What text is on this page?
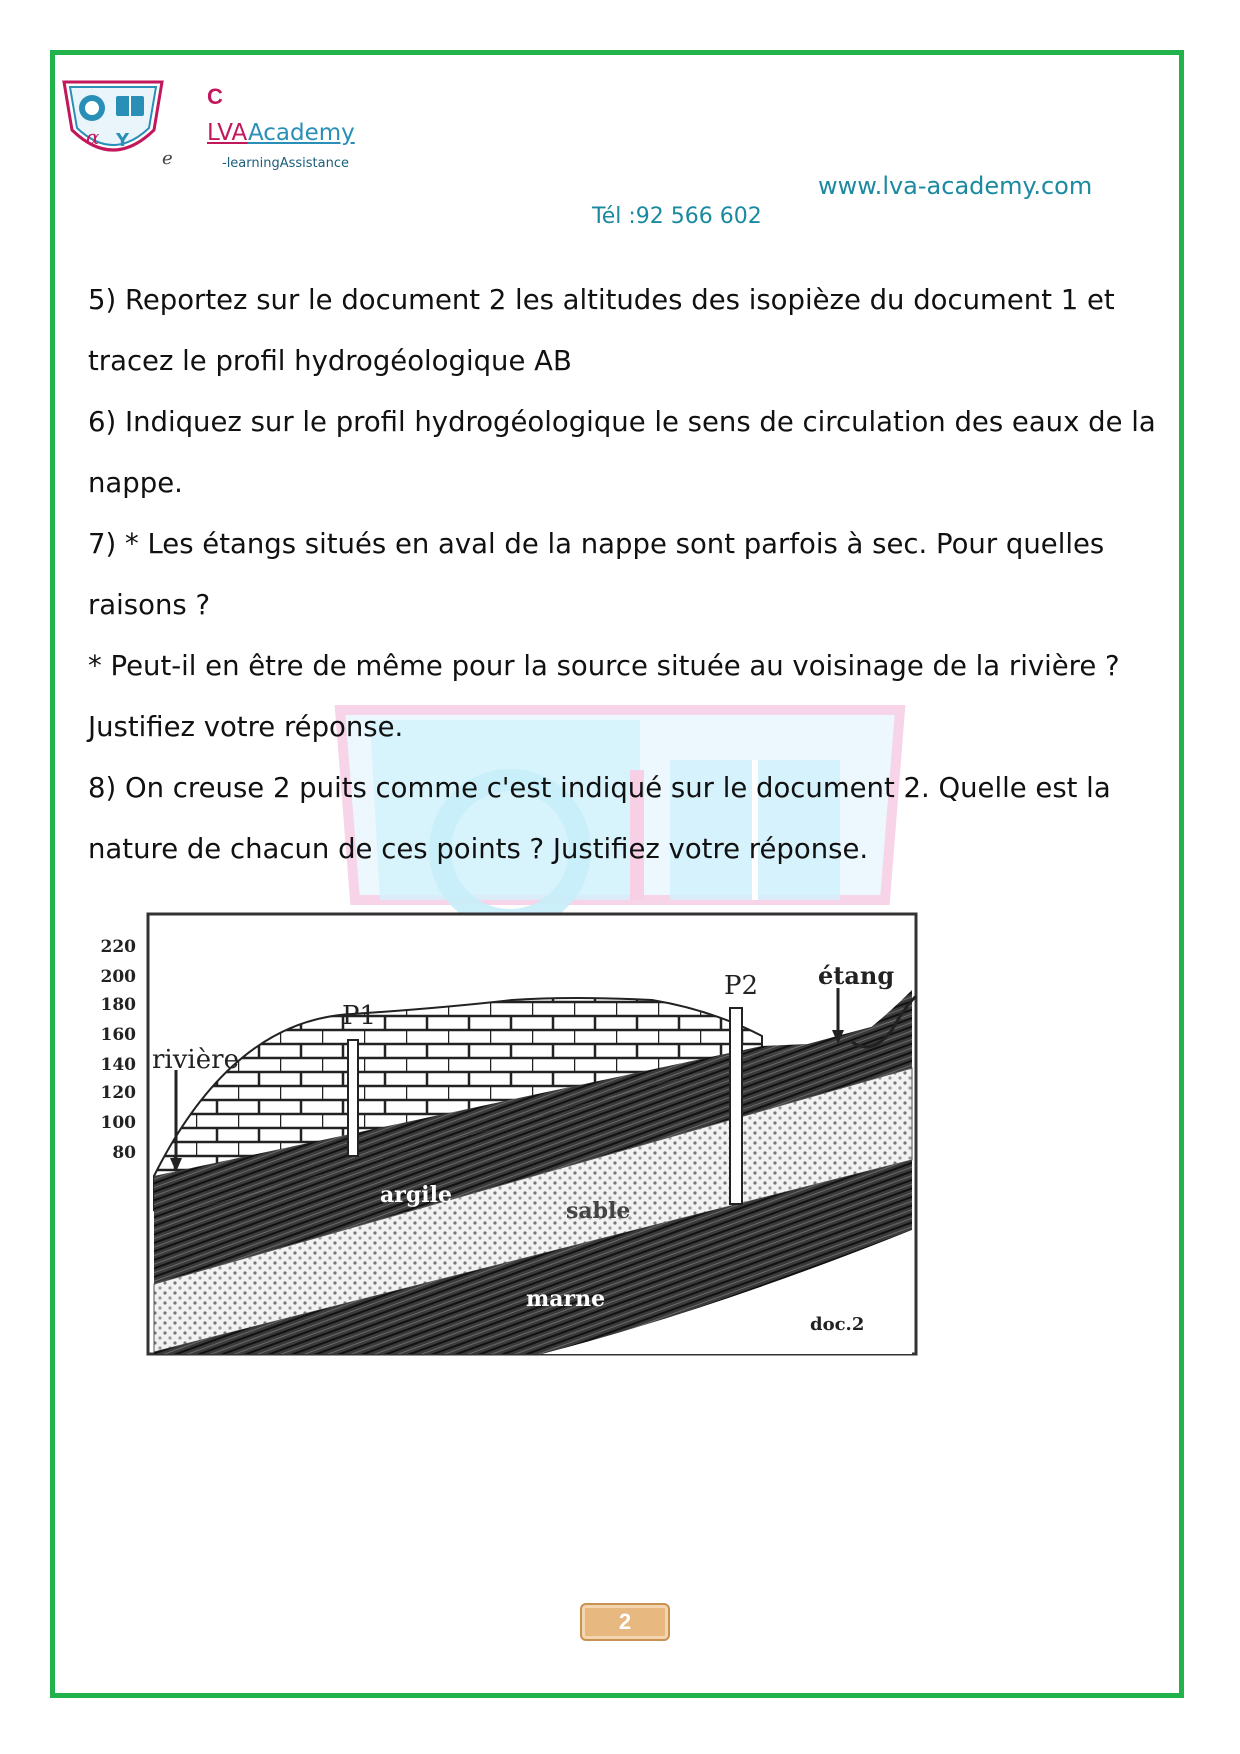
α Y
C
LVAAcademy
-learningAssistance
e
www.lva-academy.com
Tél :92 566 602
5) Reportez sur le document 2 les altitudes des isopièze du document 1 et
tracez le profil hydrogéologique AB
6) Indiquez sur le profil hydrogéologique le sens de circulation des eaux de la
nappe.
7) * Les étangs situés en aval de la nappe sont parfois à sec. Pour quelles
raisons ?
* Peut-il en être de même pour la source située au voisinage de la rivière ?
Justifiez votre réponse.
8) On creuse 2 puits comme c'est indiqué sur le document 2. Quelle est la
nature de chacun de ces points ? Justifiez votre réponse.
220
200
180
160
140
120
100
80
rivière
P1
P2 étang
argile
sable
marne
doc.2
2
